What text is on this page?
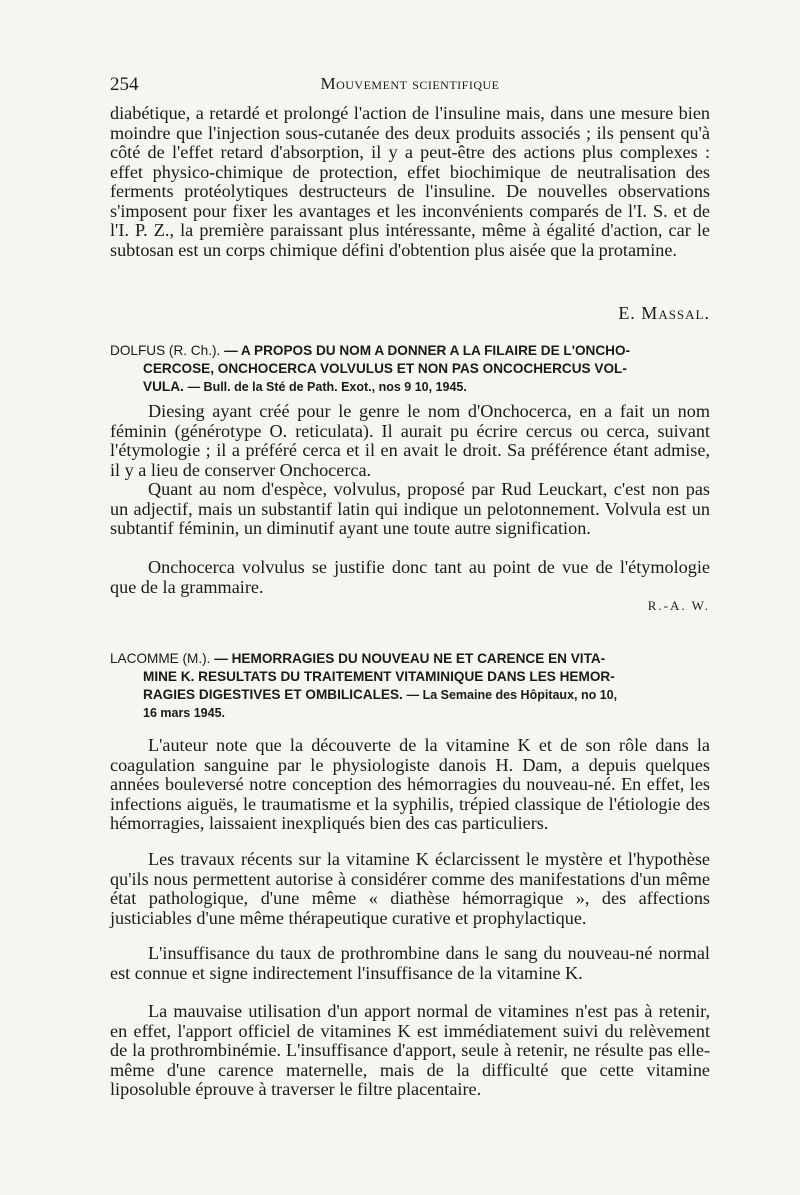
254	Mouvement scientifique

diabétique, a retardé et prolongé l'action de l'insuline mais, dans une mesure bien moindre que l'injection sous-cutanée des deux produits associés ; ils pensent qu'à côté de l'effet retard d'absorption, il y a peut-être des actions plus complexes : effet physico-chimique de protection, effet biochimique de neutralisation des ferments protéolytiques destructeurs de l'insuline. De nouvelles observations s'imposent pour fixer les avantages et les inconvénients comparés de l'I. S. et de l'I. P. Z., la première paraissant plus intéressante, même à égalité d'action, car le subtosan est un corps chimique défini d'obtention plus aisée que la protamine.

E. Massal.
DOLFUS (R. Ch.). — A PROPOS DU NOM A DONNER A LA FILAIRE DE L'ONCHO-
CERCOSE, ONCHOCERCA VOLVULUS ET NON PAS ONCOCHERCUS VOL-
VULA. — Bull. de la Sté de Path. Exot., nos 9 10, 1945.

Diesing ayant créé pour le genre le nom d'Onchocerca, en a fait un nom féminin (générotype O. reticulata). Il aurait pu écrire cercus ou cerca, suivant l'étymologie ; il a préféré cerca et il en avait le droit. Sa préférence étant admise, il y a lieu de conserver Onchocerca.

Quant au nom d'espèce, volvulus, proposé par Rud Leuckart, c'est non pas un adjectif, mais un substantif latin qui indique un pelotonnement. Volvula est un subtantif féminin, un diminutif ayant une toute autre signification.

Onchocerca volvulus se justifie donc tant au point de vue de l'étymologie que de la grammaire.

R.-A. W.
LACOMME (M.). — HEMORRAGIES DU NOUVEAU NE ET CARENCE EN VITA-
MINE K. RESULTATS DU TRAITEMENT VITAMINIQUE DANS LES HEMOR-
RAGIES DIGESTIVES ET OMBILICALES. — La Semaine des Hôpitaux, no 10,
16 mars 1945.

L'auteur note que la découverte de la vitamine K et de son rôle dans la coagulation sanguine par le physiologiste danois H. Dam, a depuis quelques années bouleversé notre conception des hémorragies du nouveau-né. En effet, les infections aiguës, le traumatisme et la syphilis, trépied classique de l'étiologie des hémorragies, laissaient inexpliqués bien des cas particuliers.

Les travaux récents sur la vitamine K éclarcissent le mystère et l'hypothèse qu'ils nous permettent autorise à considérer comme des manifestations d'un même état pathologique, d'une même « diathèse hémorragique », des affections justiciables d'une même thérapeutique curative et prophylactique.

L'insuffisance du taux de prothrombine dans le sang du nouveau-né normal est connue et signe indirectement l'insuffisance de la vitamine K.

La mauvaise utilisation d'un apport normal de vitamines n'est pas à retenir, en effet, l'apport officiel de vitamines K est immédiatement suivi du relèvement de la prothrombinémie. L'insuffisance d'apport, seule à retenir, ne résulte pas elle-même d'une carence maternelle, mais de la difficulté que cette vitamine liposoluble éprouve à traverser le filtre placentaire.
